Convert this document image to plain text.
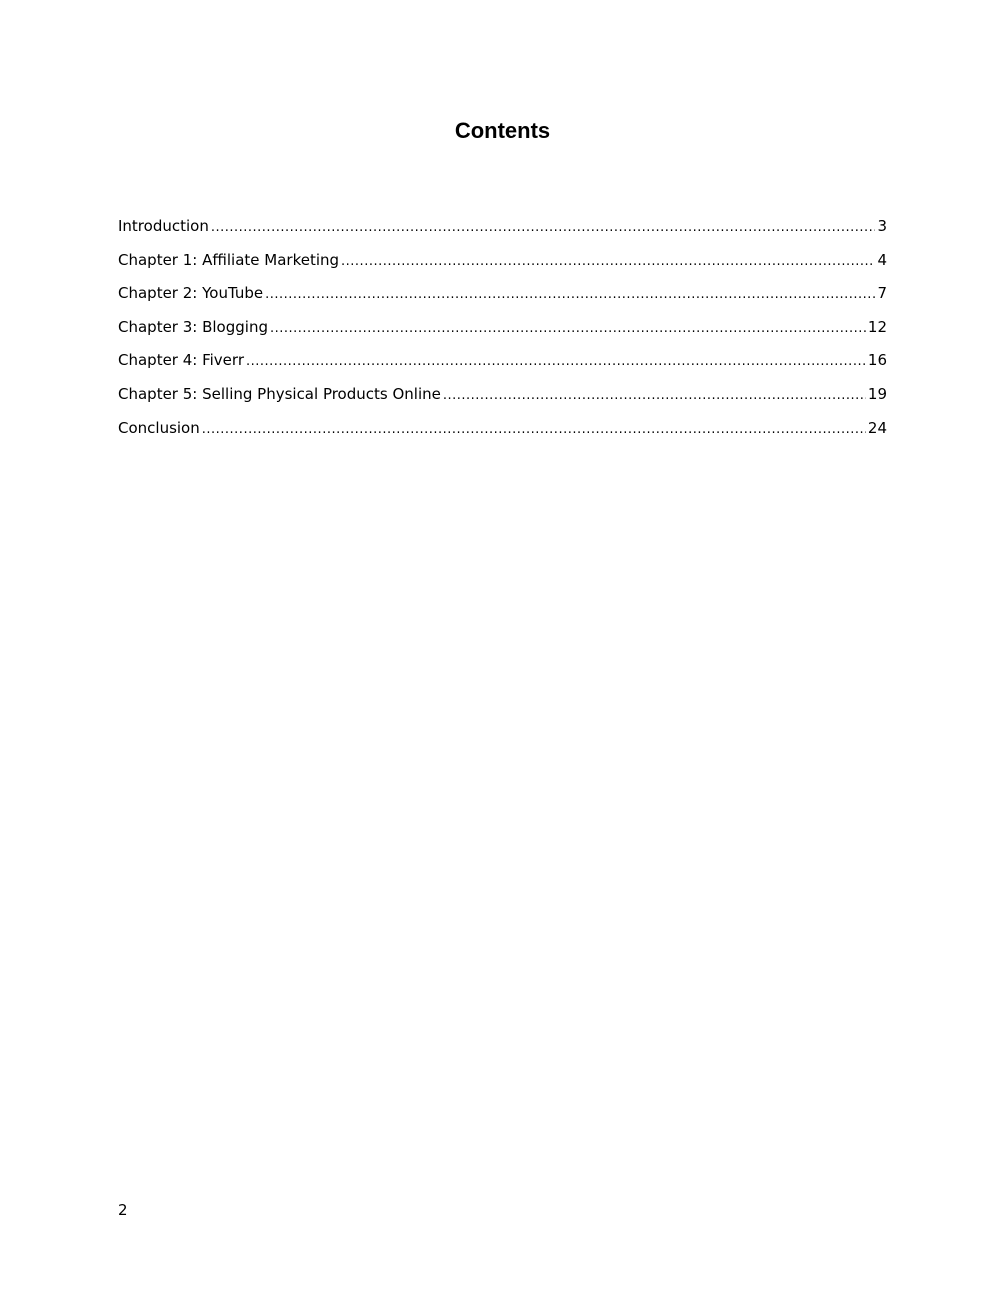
Contents
Introduction .....	3
Chapter 1: Affiliate Marketing .....	4
Chapter 2: YouTube .....	7
Chapter 3: Blogging .....	12
Chapter 4: Fiverr .....	16
Chapter 5: Selling Physical Products Online .....	19
Conclusion .....	24
2
